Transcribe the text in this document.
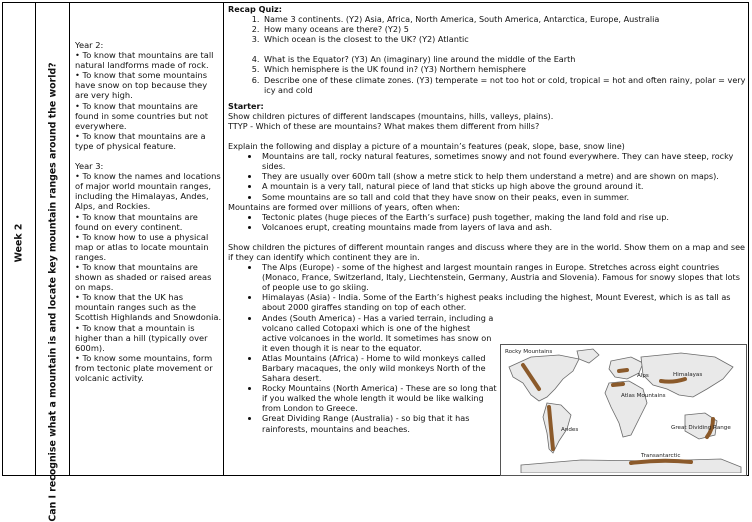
Week 2 Can I recognise what a mountain is and locate key mountain ranges around the world?

Year 2:

• To know that mountains are tall natural landforms made of rock.

• To know that some mountains have snow on top because they are very high.

• To know that mountains are found in some countries but not everywhere.

• To know that mountains are a type of physical feature.

Year 3:

• To know the names and locations of major world mountain ranges, including the Himalayas, Andes, Alps, and Rockies.

• To know that mountains are found on every continent.

• To know how to use a physical map or atlas to locate mountain ranges.

• To know that mountains are shown as shaded or raised areas on maps.

• To know that the UK has mountain ranges such as the Scottish Highlands and Snowdonia.

• To know that a mountain is higher than a hill (typically over 600m).

• To know some mountains, form from tectonic plate movement or volcanic activity.

Recap Quiz:

1. Name 3 continents. (Y2) Asia, Africa, North America, South America, Antarctica, Europe, Australia
2. How many oceans are there? (Y2) 5
3. Which ocean is the closest to the UK? (Y2) Atlantic
4. What is the Equator? (Y3) An (imaginary) line around the middle of the Earth
5. Which hemisphere is the UK found in? (Y3) Northern hemisphere
6. Describe one of these climate zones. (Y3) temperate = not too hot or cold, tropical = hot and often rainy, polar = very icy and cold

Starter:

Show children pictures of different landscapes (mountains, hills, valleys, plains).

TTYP - Which of these are mountains? What makes them different from hills?

Explain the following and display a picture of a mountain’s features (peak, slope, base, snow line)

• Mountains are tall, rocky natural features, sometimes snowy and not found everywhere. They can have steep, rocky sides.
• They are usually over 600m tall (show a metre stick to help them understand a metre) and are shown on maps).
• A mountain is a very tall, natural piece of land that sticks up high above the ground around it.
• Some mountains are so tall and cold that they have snow on their peaks, even in summer.

Mountains are formed over millions of years, often when:

• Tectonic plates (huge pieces of the Earth’s surface) push together, making the land fold and rise up.
• Volcanoes erupt, creating mountains made from layers of lava and ash.

Show children the pictures of different mountain ranges and discuss where they are in the world. Show them on a map and see if they can identify which continent they are in.

• The Alps (Europe) - some of the highest and largest mountain ranges in Europe. Stretches across eight countries (Monaco, France, Switzerland, Italy, Liechtenstein, Germany, Austria and Slovenia). Famous for snowy slopes that lots of people use to go skiing.
• Himalayas (Asia) - India. Some of the Earth’s highest peaks including the highest, Mount Everest, which is as tall as about 2000 giraffes standing on top of each other.
• Andes (South America) - Has a varied terrain, including a volcano called Cotopaxi which is one of the highest active volcanoes in the world. It sometimes has snow on it even though it is near to the equator.
• Atlas Mountains (Africa) - Home to wild monkeys called Barbary macaques, the only wild monkeys North of the Sahara desert.
• Rocky Mountains (North America) - These are so long that if you walked the whole length it would be like walking from London to Greece.
• Great Dividing Range (Australia) - so big that it has rainforests, mountains and beaches.
Rocky Mountains
Alps
Atlas Mountains
Himalayas
Andes	Great Dividing Range
Transantarctic
